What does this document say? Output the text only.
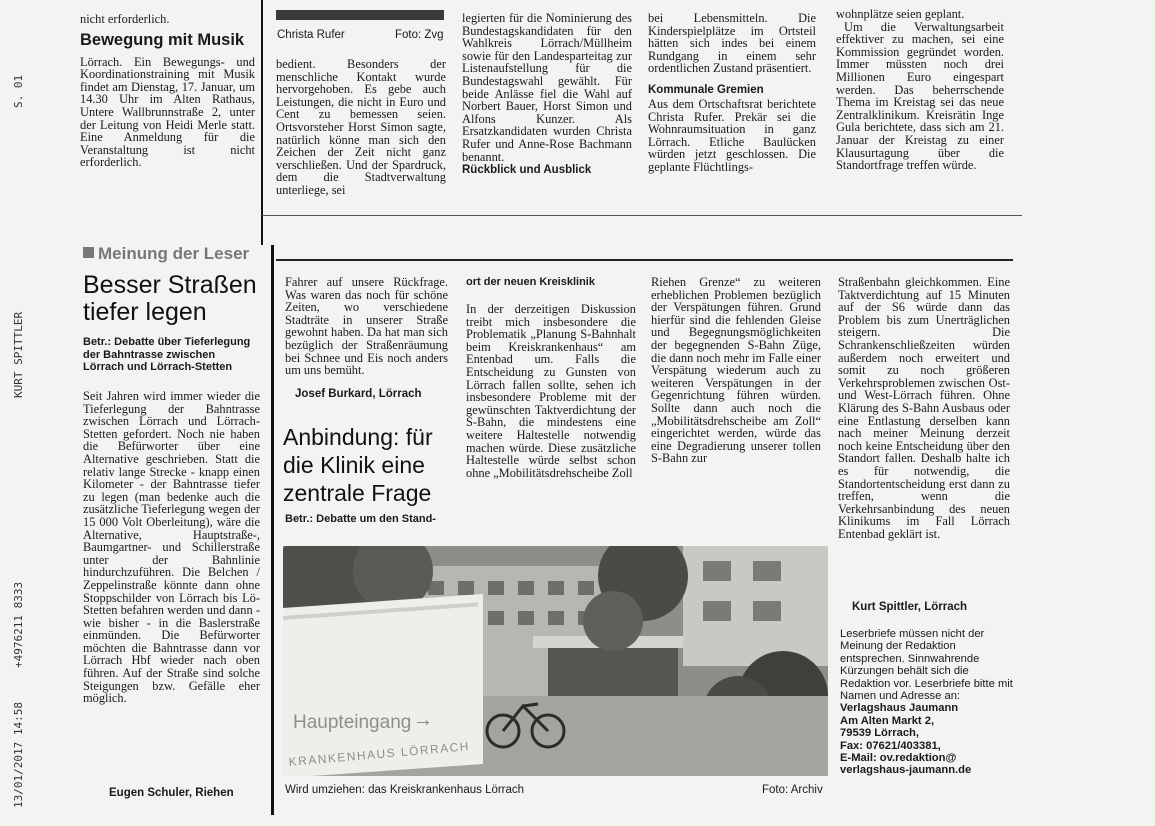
13/01/2017 14:58
+4976211 8333
KURT SPITTLER
S. 01

nicht erforderlich.

Bewegung mit Musik

Lörrach. Ein Bewegungs- und Koordinationstraining mit Musik findet am Dienstag, 17. Januar, um 14.30 Uhr im Alten Rathaus, Untere Wallbrunnstraße 2, unter der Leitung von Heidi Merle statt. Eine Anmeldung für die Veranstaltung ist nicht erforderlich.

Christa Rufer	Foto: Zvg

bedient. Besonders der menschliche Kontakt wurde hervorgehoben. Es gebe auch Leistungen, die nicht in Euro und Cent zu bemessen seien. Ortsvorsteher Horst Simon sagte, natürlich könne man sich den Zeichen der Zeit nicht ganz verschließen. Und der Spardruck, dem die Stadtverwaltung unterliege, sei

legierten für die Nominierung des Bundestagskandidaten für den Wahlkreis Lörrach/Müllheim sowie für den Landesparteitag zur Listenaufstellung für die Bundestagswahl gewählt. Für beide Anlässe fiel die Wahl auf Norbert Bauer, Horst Simon und Alfons Kunzer. Als Ersatzkandidaten wurden Christa Rufer und Anne-Rose Bachmann benannt.

Rückblick und Ausblick

bei Lebensmitteln. Die Kinderspielplätze im Ortsteil hätten sich indes bei einem Rundgang in einem sehr ordentlichen Zustand präsentiert.

Kommunale Gremien

Aus dem Ortschaftsrat berichtete Christa Rufer. Prekär sei die Wohnraumsituation in ganz Lörrach. Etliche Baulücken würden jetzt geschlossen. Die geplante Flüchtlings-

wohnplätze seien geplant.

Um die Verwaltungsarbeit effektiver zu machen, sei eine Kommission gegründet worden. Immer müssten noch drei Millionen Euro eingespart werden. Das beherrschende Thema im Kreistag sei das neue Zentralklinikum. Kreisrätin Inge Gula berichtete, dass sich am 21. Januar der Kreistag zu einer Klausurtagung über die Standortfrage treffen würde.

Meinung der Leser
Besser Straßen tiefer legen
Betr.: Debatte über Tieferlegung der Bahntrasse zwischen Lörrach und Lörrach-Stetten
Seit Jahren wird immer wieder die Tieferlegung der Bahntrasse zwischen Lörrach und Lörrach-Stetten gefordert. Noch nie haben die Befürworter über eine Alternative geschrieben. Statt die relativ lange Strecke - knapp einen Kilometer - der Bahntrasse tiefer zu legen (man bedenke auch die zusätzliche Tieferlegung wegen der 15 000 Volt Oberleitung), wäre die Alternative, Hauptstraße-, Baumgartner- und Schillerstraße unter der Bahnlinie hindurchzuführen. Die Belchen / Zeppelinstraße könnte dann ohne Stoppschilder von Lörrach bis Lö-Stetten befahren werden und dann - wie bisher - in die Baslerstraße einmünden. Die Befürworter möchten die Bahntrasse dann vor Lörrach Hbf wieder nach oben führen. Auf der Straße sind solche Steigungen bzw. Gefälle eher möglich.
Eugen Schuler, Riehen
Fahrer auf unsere Rückfrage. Was waren das noch für schöne Zeiten, wo verschiedene Stadträte in unserer Straße gewohnt haben. Da hat man sich bezüglich der Straßenräumung bei Schnee und Eis noch anders um uns bemüht.
Josef Burkard, Lörrach
Anbindung: für die Klinik eine zentrale Frage
Betr.: Debatte um den Stand-
ort der neuen Kreisklinik
In der derzeitigen Diskussion treibt mich insbesondere die Problematik „Planung S-Bahnhalt beim Kreiskrankenhaus“ am Entenbad um. Falls die Entscheidung zu Gunsten von Lörrach fallen sollte, sehen ich insbesondere Probleme mit der gewünschten Taktverdichtung der S-Bahn, die mindestens eine weitere Haltestelle notwendig machen würde. Diese zusätzliche Haltestelle würde selbst schon ohne „Mobilitätsdrehscheibe Zoll
Riehen Grenze“ zu weiteren erheblichen Problemen bezüglich der Verspätungen führen. Grund hierfür sind die fehlenden Gleise und Begegnungsmöglichkeiten der begegnenden S-Bahn Züge, die dann noch mehr im Falle einer Verspätung wiederum auch zu weiteren Verspätungen in der Gegenrichtung führen würden. Sollte dann auch noch die „Mobilitätsdrehscheibe am Zoll“ eingerichtet werden, würde das eine Degradierung unserer tollen S-Bahn zur
Straßenbahn gleichkommen. Eine Taktverdichtung auf 15 Minuten auf der S6 würde dann das Problem bis zum Unerträglichen steigern. Die Schrankenschließzeiten würden außerdem noch erweitert und somit zu noch größeren Verkehrsproblemen zwischen Ost- und West-Lörrach führen. Ohne Klärung des S-Bahn Ausbaus oder eine Entlastung derselben kann nach meiner Meinung derzeit noch keine Entscheidung über den Standort fallen. Deshalb halte ich es für notwendig, die Standortentscheidung erst dann zu treffen, wenn die Verkehrsanbindung des neuen Klinikums im Fall Lörrach Entenbad geklärt ist.
Kurt Spittler, Lörrach
Haupteingang →
KRANKENHAUS LÖRRACH
Wird umziehen: das Kreiskrankenhaus Lörrach	Foto: Archiv

Leserbriefe müssen nicht der Meinung der Redaktion entsprechen. Sinnwahrende Kürzungen behält sich die Redaktion vor. Leserbriefe bitte mit Namen und Adresse an:

Verlagshaus Jaumann

Am Alten Markt 2,

79539 Lörrach,

Fax: 07621/403381,

E-Mail: ov.redaktion@ verlagshaus-jaumann.de
